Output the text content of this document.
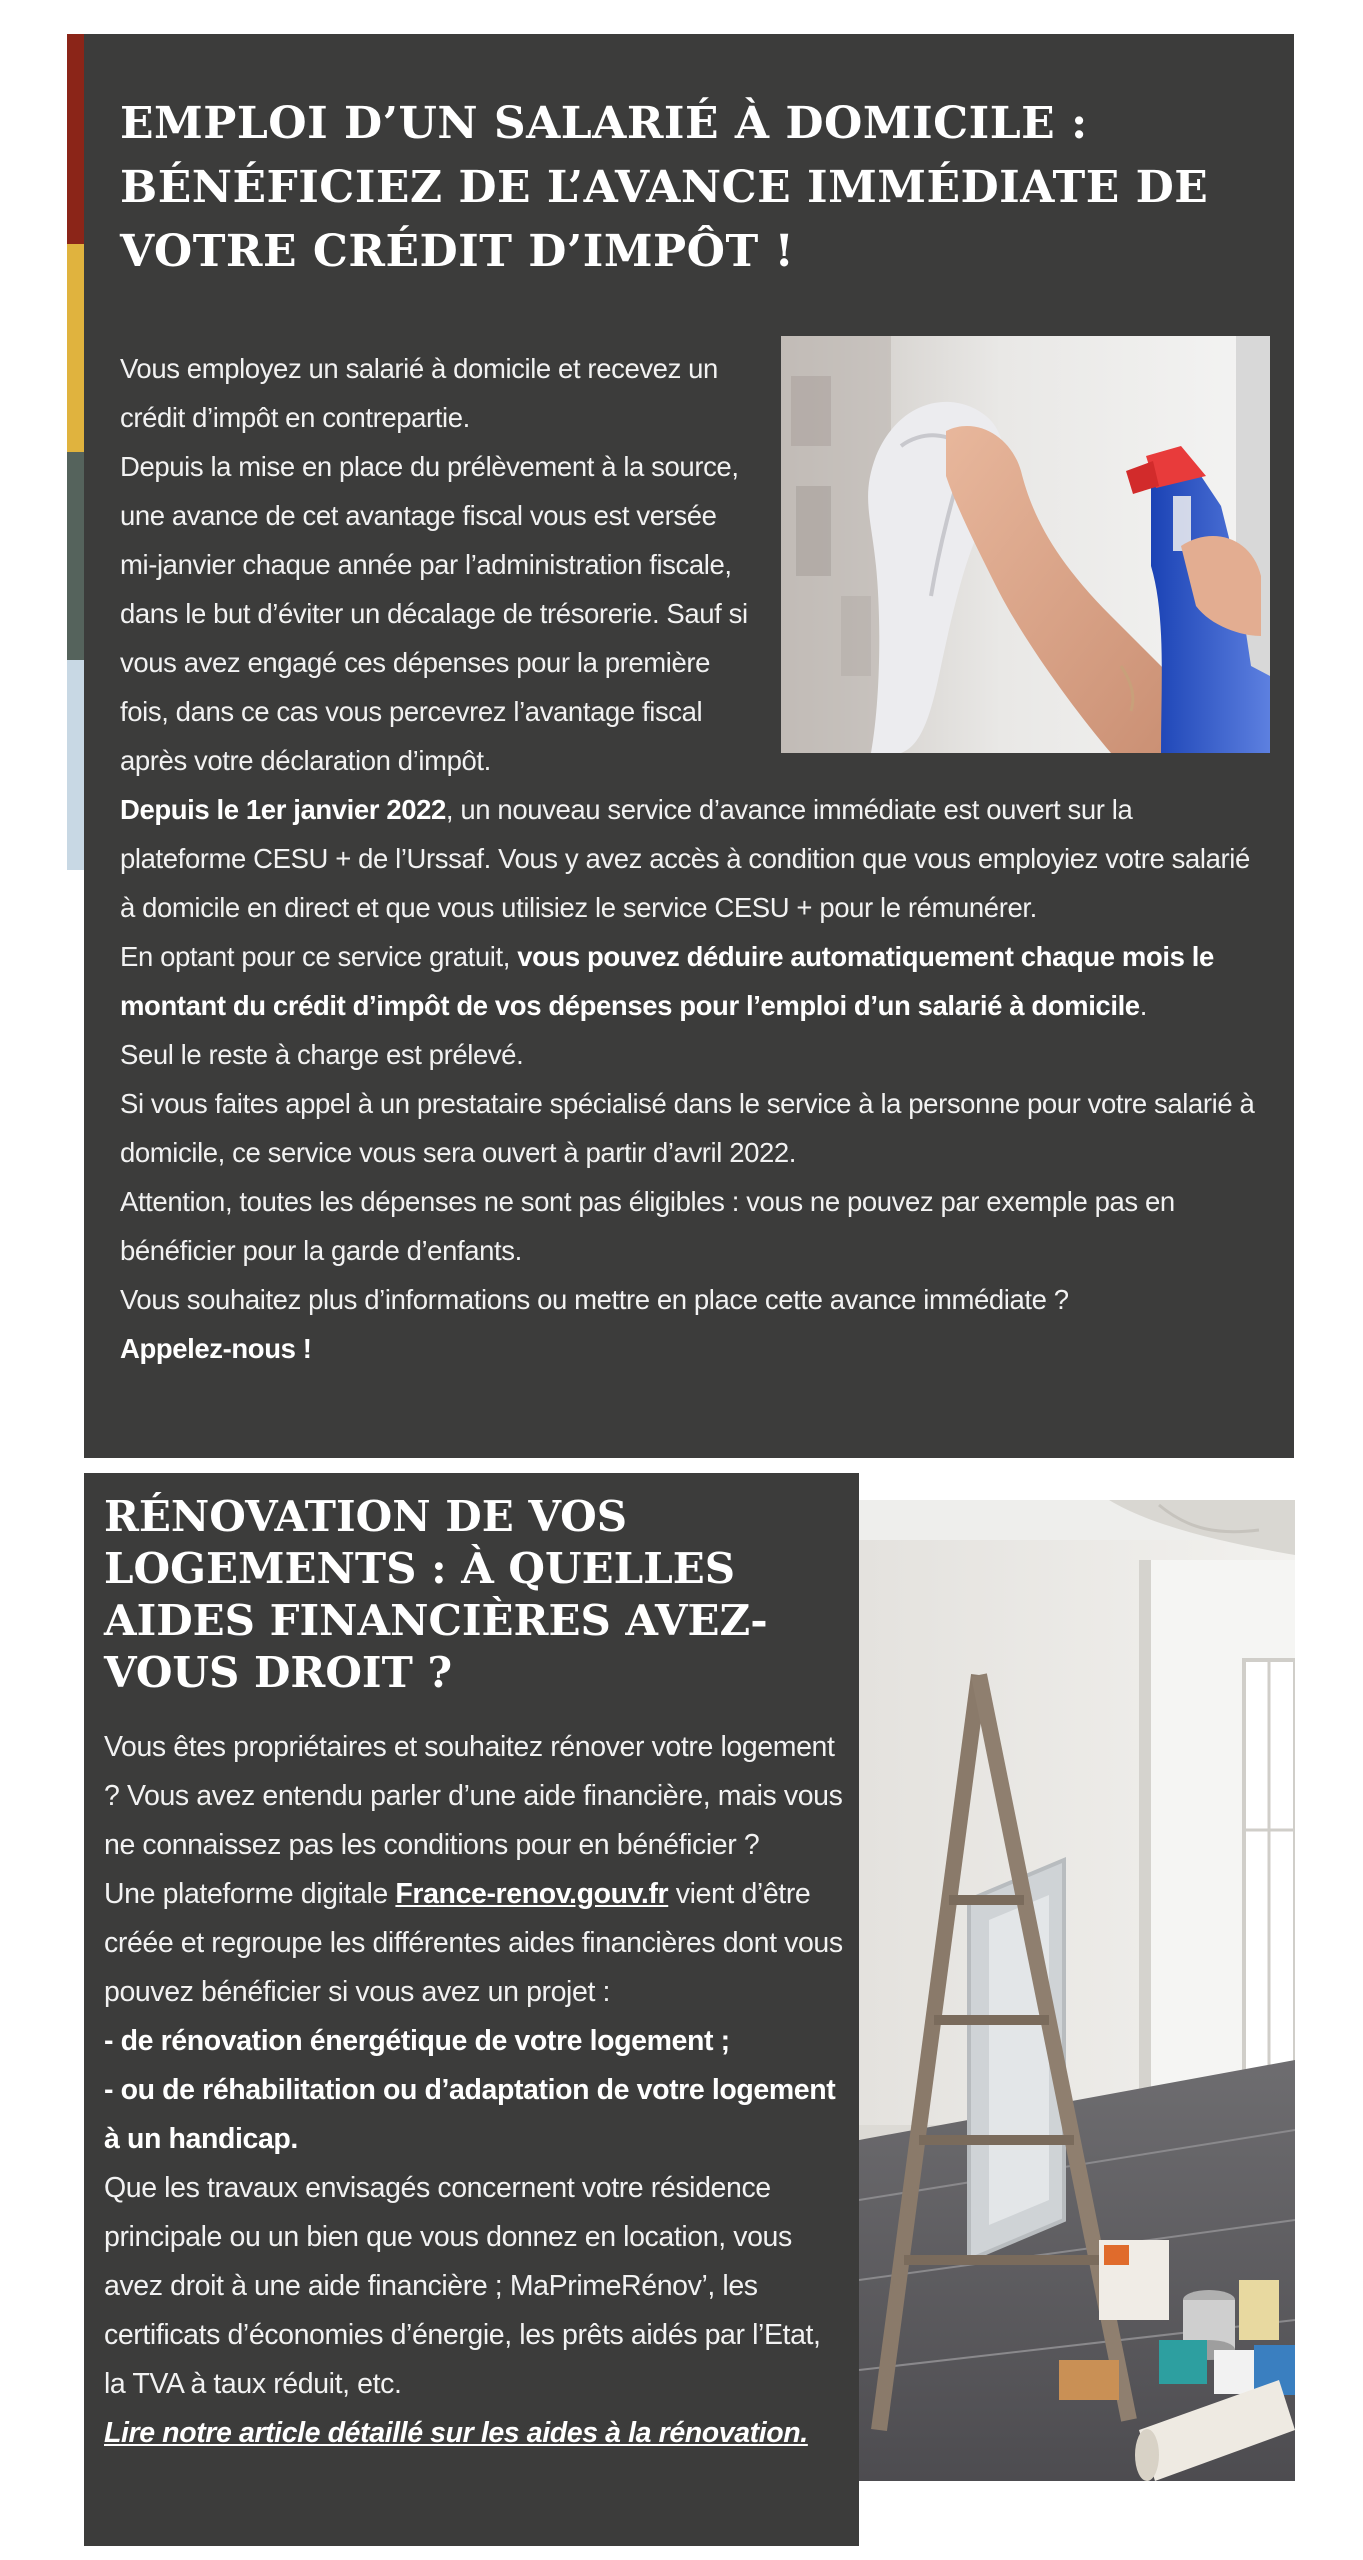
EMPLOI D’UN SALARIÉ À DOMICILE : BÉNÉFICIEZ DE L’AVANCE IMMÉDIATE DE VOTRE CRÉDIT D’IMPÔT !

Vous employez un salarié à domicile et recevez un crédit d’impôt en contrepartie.

Depuis la mise en place du prélèvement à la source, une avance de cet avantage fiscal vous est versée mi-janvier chaque année par l’administration fiscale, dans le but d’éviter un décalage de trésorerie. Sauf si vous avez engagé ces dépenses pour la première fois, dans ce cas vous percevrez l’avantage fiscal après votre déclaration d’impôt.

Depuis le 1er janvier 2022, un nouveau service d’avance immédiate est ouvert sur la plateforme CESU + de l’Urssaf. Vous y avez accès à condition que vous employiez votre salarié à domicile en direct et que vous utilisiez le service CESU + pour le rémunérer.

En optant pour ce service gratuit, vous pouvez déduire automatiquement chaque mois le montant du crédit d’impôt de vos dépenses pour l’emploi d’un salarié à domicile.

Seul le reste à charge est prélevé.

Si vous faites appel à un prestataire spécialisé dans le service à la personne pour votre salarié à domicile, ce service vous sera ouvert à partir d’avril 2022.

Attention, toutes les dépenses ne sont pas éligibles : vous ne pouvez par exemple pas en bénéficier pour la garde d’enfants.

Vous souhaitez plus d’informations ou mettre en place cette avance immédiate ?

Appelez-nous !

RÉNOVATION DE VOS LOGEMENTS : À QUELLES AIDES FINANCIÈRES AVEZ-VOUS DROIT ?

Vous êtes propriétaires et souhaitez rénover votre logement ? Vous avez entendu parler d’une aide financière, mais vous ne connaissez pas les conditions pour en bénéficier ?

Une plateforme digitale France-renov.gouv.fr vient d’être créée et regroupe les différentes aides financières dont vous pouvez bénéficier si vous avez un projet :

- de rénovation énergétique de votre logement ;

- ou de réhabilitation ou d’adaptation de votre logement à un handicap.

Que les travaux envisagés concernent votre résidence principale ou un bien que vous donnez en location, vous avez droit à une aide financière ; MaPrimeRénov’, les certificats d’économies d’énergie, les prêts aidés par l’Etat, la TVA à taux réduit, etc.

Lire notre article détaillé sur les aides à la rénovation.
